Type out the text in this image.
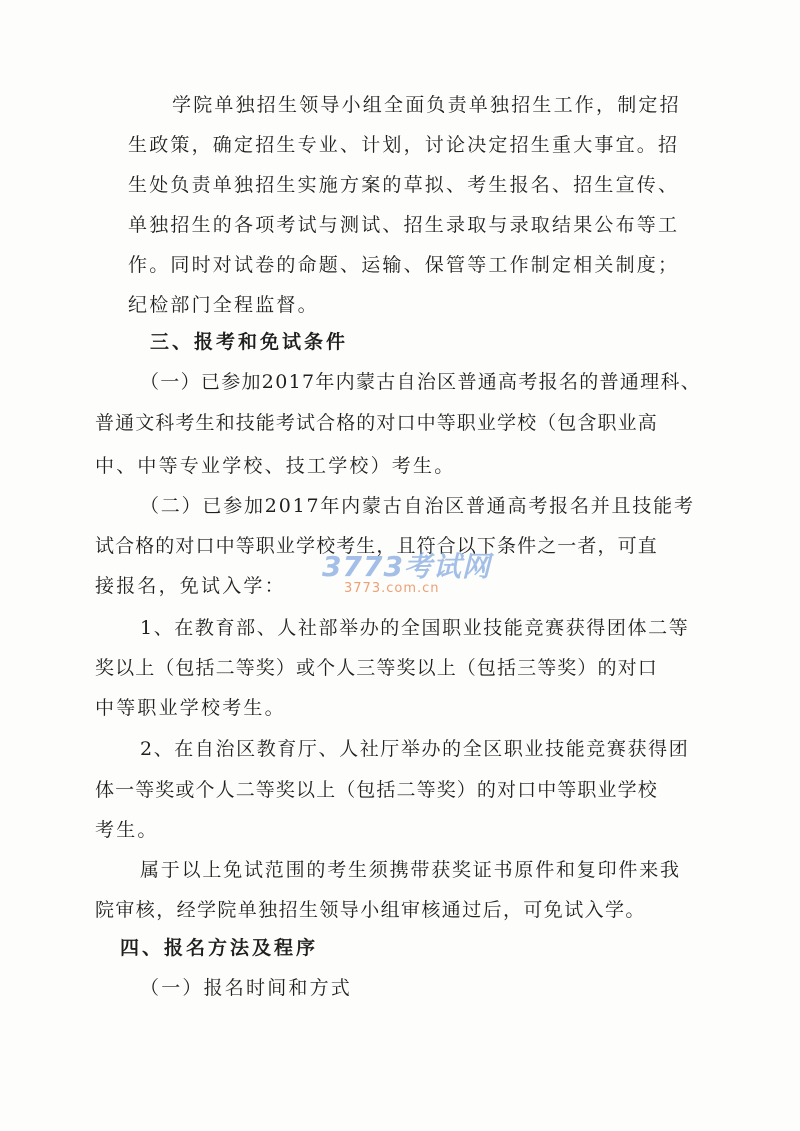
学院单独招生领导小组全面负责单独招生工作，制定招
生政策，确定招生专业、计划，讨论决定招生重大事宜。招
生处负责单独招生实施方案的草拟、考生报名、招生宣传、
单独招生的各项考试与测试、招生录取与录取结果公布等工
作。同时对试卷的命题、运输、保管等工作制定相关制度；
纪检部门全程监督。
三、报考和免试条件
（一）已参加2017年内蒙古自治区普通高考报名的普通理科、
普通文科考生和技能考试合格的对口中等职业学校（包含职业高
中、中等专业学校、技工学校）考生。
（二）已参加2017年内蒙古自治区普通高考报名并且技能考
试合格的对口中等职业学校考生，且符合以下条件之一者，可直
接报名，免试入学：
1、在教育部、人社部举办的全国职业技能竞赛获得团体二等
奖以上（包括二等奖）或个人三等奖以上（包括三等奖）的对口
中等职业学校考生。
2、在自治区教育厅、人社厅举办的全区职业技能竞赛获得团
体一等奖或个人二等奖以上（包括二等奖）的对口中等职业学校
考生。
属于以上免试范围的考生须携带获奖证书原件和复印件来我
院审核，经学院单独招生领导小组审核通过后，可免试入学。
四、报名方法及程序
（一）报名时间和方式
3773考试网
3773.com.cn
